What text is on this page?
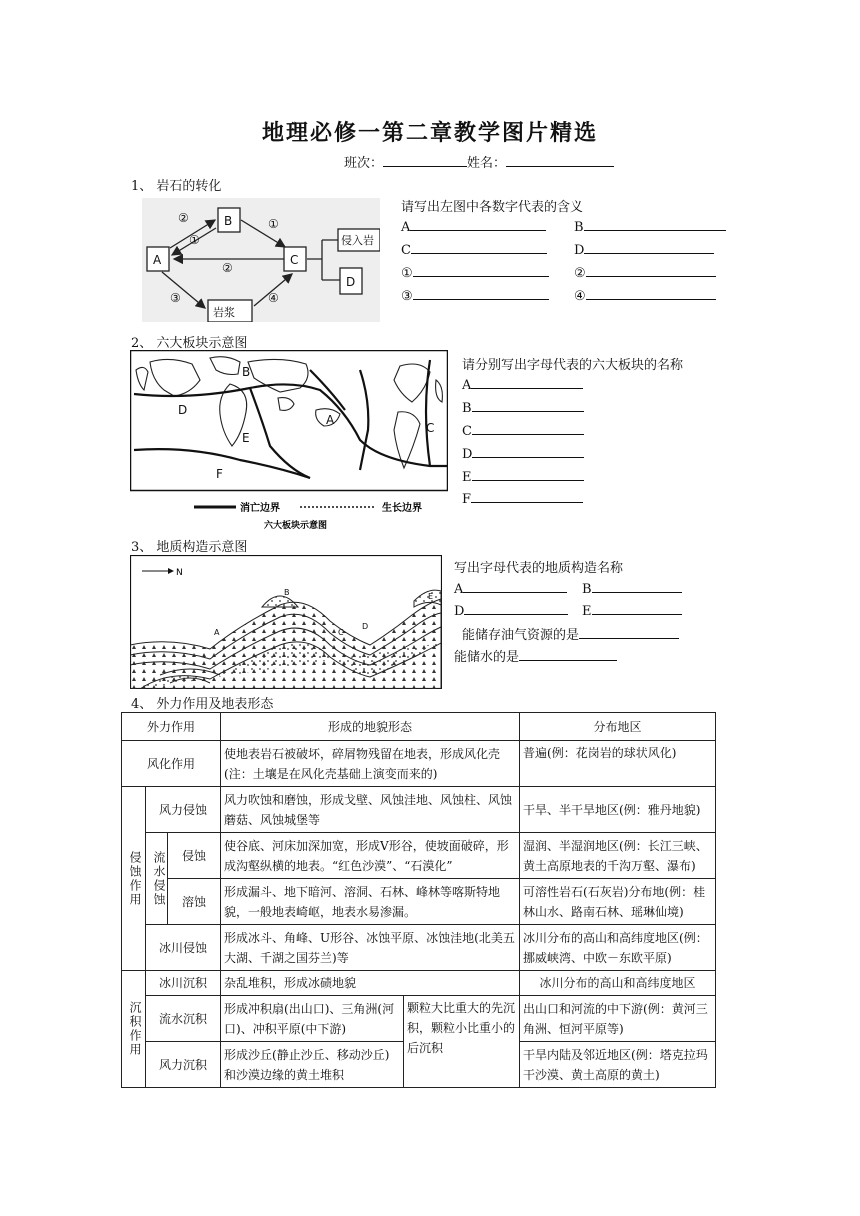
地理必修一第二章教学图片精选
班次：	姓名：
1、 岩石的转化
A
B
C
D
侵入岩
岩浆
②
①
①
②
③	④
请写出左图中各数字代表的含义
A	B
C	D
①	②
③	④
2、 六大板块示意图
B
A
D
E
F
C
消亡边界	生长边界
六大板块示意图
请分别写出字母代表的六大板块的名称
A
B
C
D
E
F
3、 地质构造示意图
N
A
B
C
D
E
写出字母代表的地质构造名称
A	B
D	E
能储存油气资源的是
能储水的是
4、 外力作用及地表形态
外力作用			形成的地貌形态		分布地区
风化作用			使地表岩石被破坏，碎屑物残留在地表，形成风化壳(注：土壤是在风化壳基础上演变而来的)		普遍(例：花岗岩的球状风化)

侵蚀作用	风力侵蚀		风力吹蚀和磨蚀，形成戈壁、风蚀洼地、风蚀柱、风蚀蘑菇、风蚀城堡等		干旱、半干旱地区(例：雅丹地貌)

	流水侵蚀	侵蚀	使谷底、河床加深加宽，形成V形谷，使坡面破碎，形成沟壑纵横的地表。“红色沙漠”、“石漠化”		湿润、半湿润地区(例：长江三峡、黄土高原地表的千沟万壑、瀑布)
		溶蚀	形成漏斗、地下暗河、溶洞、石林、峰林等喀斯特地貌，一般地表崎岖，地表水易渗漏。		可溶性岩石(石灰岩)分布地(例：桂林山水、路南石林、瑶琳仙境)
	冰川侵蚀		形成冰斗、角峰、U形谷、冰蚀平原、冰蚀洼地(北美五大湖、千湖之国芬兰)等		冰川分布的高山和高纬度地区(例：挪威峡湾、中欧－东欧平原)

沉积作用	冰川沉积		杂乱堆积，形成冰碛地貌		冰川分布的高山和高纬度地区
	流水沉积		形成冲积扇(出山口)、三角洲(河口)、冲积平原(中下游)	颗粒大比重大的先沉积，颗粒小比重小的后沉积	出山口和河流的中下游(例：黄河三角洲、恒河平原等)
	风力沉积		形成沙丘(静止沙丘、移动沙丘)和沙漠边缘的黄土堆积		干旱内陆及邻近地区(例：塔克拉玛干沙漠、黄土高原的黄土)
